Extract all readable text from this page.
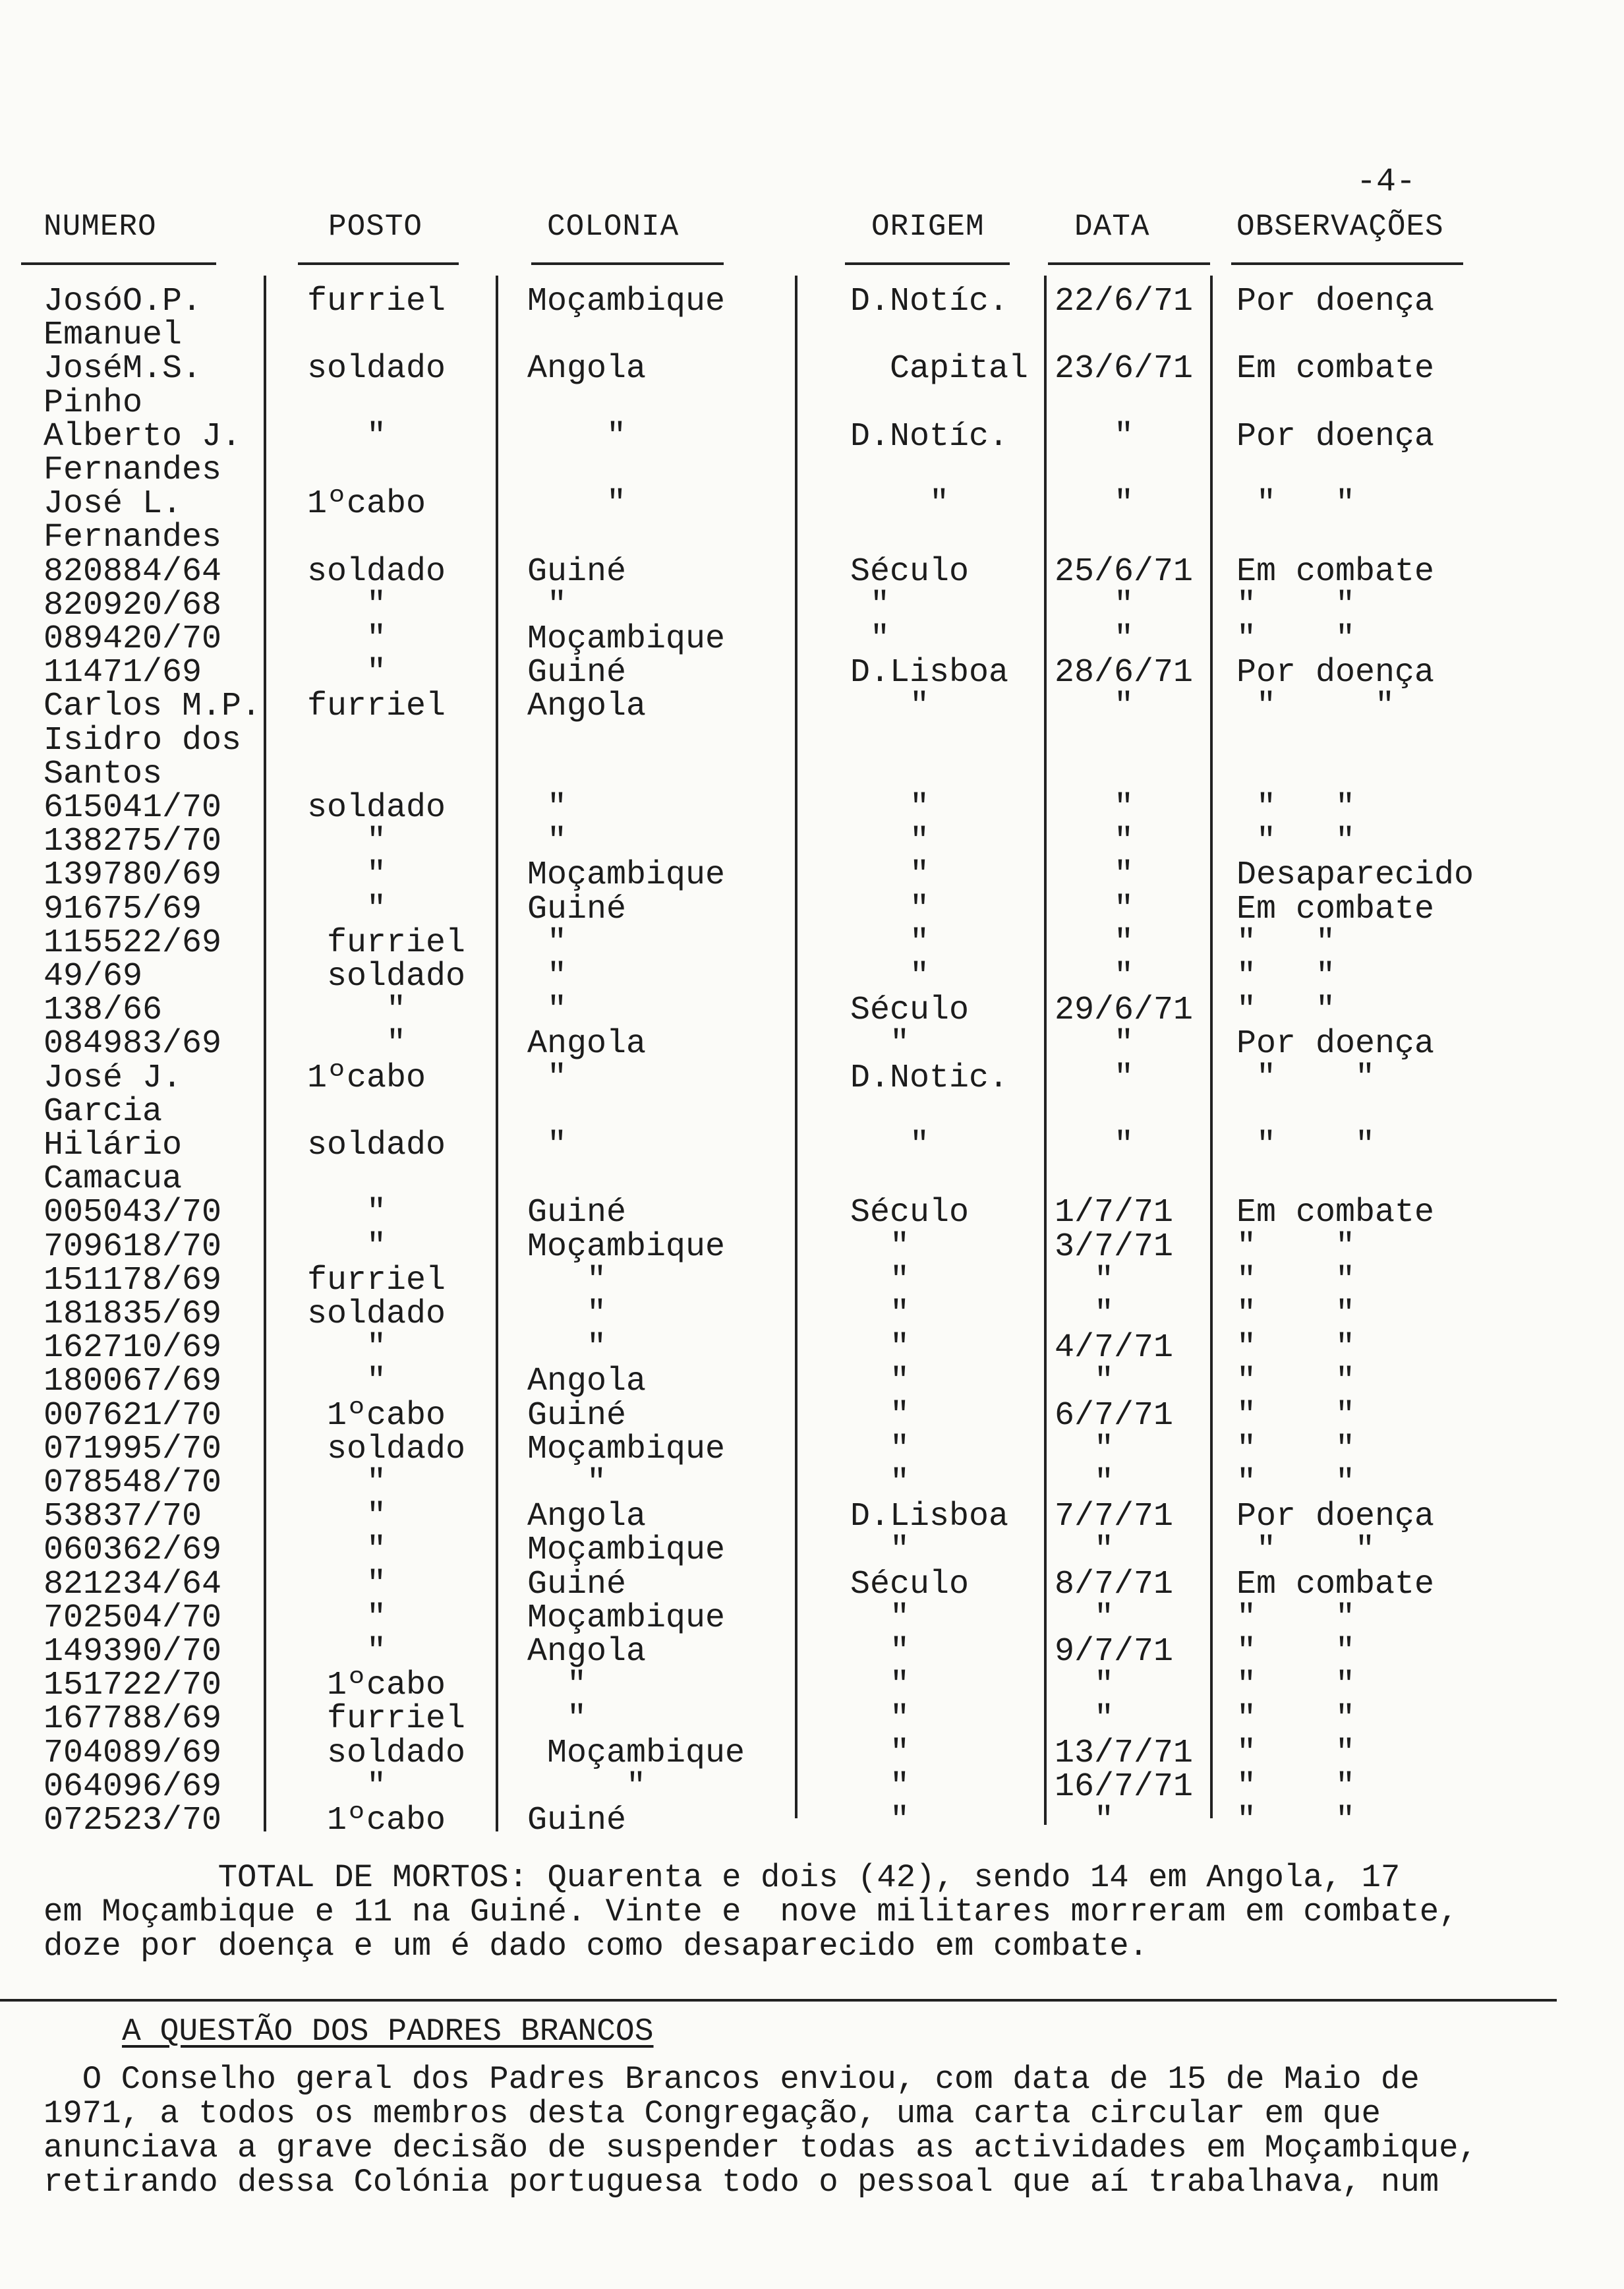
-4-
NUMERO	POSTO	COLONIA	ORIGEM	DATA	OBSERVAÇÕES
JosóO.P.	furriel Moçambique	D.Notíc. 22/6/71 Por doença
Emanuel
JoséM.S.	soldado Angola	Capital 23/6/71 Em combate
Pinho
Alberto J. "	"	D.Notíc. "	Por doença
Fernandes
José L.	1ºcabo	"	"	"	"   "
Fernandes
820884/64	soldado Guiné	Século	25/6/71 Em combate
820920/68	"	"	"	"	"    "
089420/70	"	Moçambique	"	"	"    "
11471/69	"	Guiné	D.Lisboa 28/6/71 Por doença
Carlos M.P. furriel Angola	"	"	"     "
Isidro dos
Santos
615041/70	soldado "	"	"	"   "
138275/70	"	"	"	"	"   "
139780/69	"	Moçambique	"	"	Desaparecido
91675/69	"	Guiné	"	"	Em combate
115522/69	furriel "	"	"	"   "
49/69	soldado "	"	"	"   "
138/66	"	"	Século	29/6/71 "   "
084983/69	"	Angola	"	"	Por doença
José J.	1ºcabo	"	D.Notic. "	"    "
Garcia
Hilário	soldado "	"	"	"    "
Camacua
005043/70	"	Guiné	Século	1/7/71 Em combate
709618/70	"	Moçambique	"	3/7/71 "    "
151178/69	furriel "	"	"	"    "
181835/69	soldado "	"	"	"    "
162710/69	"	"	"	4/7/71 "    "
180067/69	"	Angola	"	"	"    "
007621/70	1ºcabo Guiné	"	6/7/71 "    "
071995/70	soldado Moçambique	"	"	"    "
078548/70	"	"	"	"	"    "
53837/70	"	Angola	D.Lisboa 7/7/71 Por doença
060362/69	"	Moçambique	"	"	"    "
821234/64	"	Guiné	Século	8/7/71 Em combate
702504/70	"	Moçambique	"	"	"    "
149390/70	"	Angola	"	9/7/71 "    "
151722/70	1ºcabo "	"	"	"    "
167788/69	furriel "	"	"	"    "
704089/69	soldado Moçambique	"	13/7/71 "    "
064096/69	"	"	"	16/7/71 "    "
072523/70	1ºcabo Guiné	"	"	"    "
TOTAL DE MORTOS: Quarenta e dois (42), sendo 14 em Angola, 17
em Moçambique e 11 na Guiné. Vinte e  nove militares morreram em combate,
doze por doença e um é dado como desaparecido em combate.
A QUESTÃO DOS PADRES BRANCOS
O Conselho geral dos Padres Brancos enviou, com data de 15 de Maio de
1971, a todos os membros desta Congregação, uma carta circular em que
anunciava a grave decisão de suspender todas as actividades em Moçambique,
retirando dessa Colónia portuguesa todo o pessoal que aí trabalhava, num
